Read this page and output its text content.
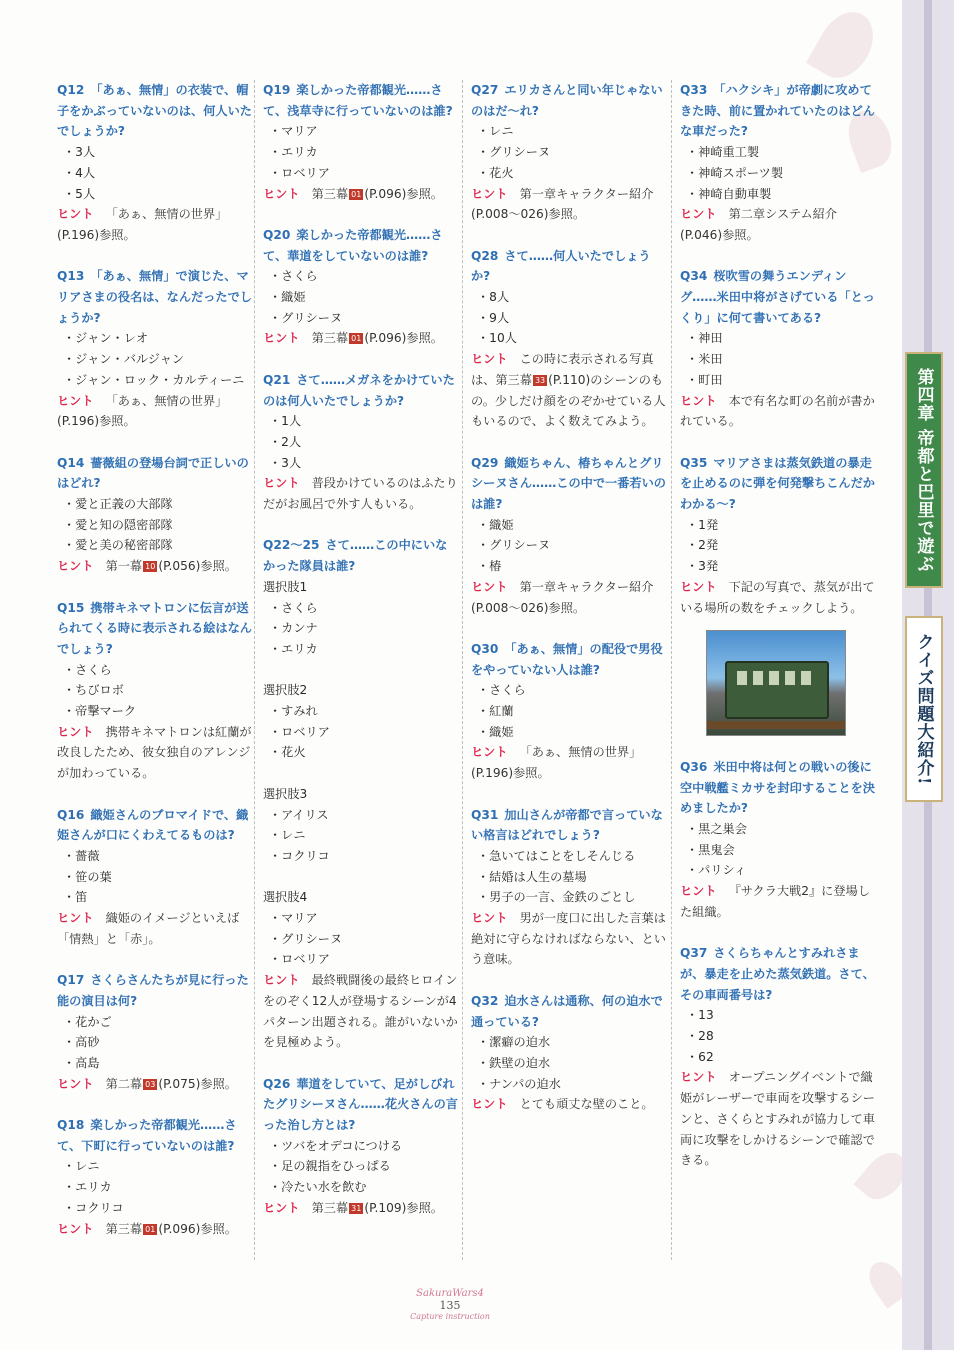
Q12 「あぁ、無情」の衣装で、帽子をかぶっていないのは、何人いたでしょうか?
・3人
・4人
・5人
ヒント 「あぁ、無情の世界」(P.196)参照。
Q13 「あぁ、無情」で演じた、マリアさまの役名は、なんだったでしょうか?
・ジャン・レオ
・ジャン・バルジャン
・ジャン・ロック・カルティーニ
ヒント 「あぁ、無情の世界」(P.196)参照。
Q14 薔薇組の登場台詞で正しいのはどれ?
・愛と正義の大部隊
・愛と知の隠密部隊
・愛と美の秘密部隊
ヒント 第一幕 10 (P.056)参照。
Q15 携帯キネマトロンに伝言が送られてくる時に表示される絵はなんでしょう?
・さくら
・ちびロボ
・帝撃マーク
ヒント 携帯キネマトロンは紅蘭が改良したため、彼女独自のアレンジが加わっている。
Q16 織姫さんのブロマイドで、織姫さんが口にくわえてるものは?
・薔薇
・笹の葉
・笛
ヒント 織姫のイメージといえば「情熱」と「赤」。
Q17 さくらさんたちが見に行った能の演目は何?
・花かご
・高砂
・高島
ヒント 第二幕 03 (P.075)参照。
Q18 楽しかった帝都観光……さて、下町に行っていないのは誰?
・レニ
・エリカ
・コクリコ
ヒント 第三幕 01 (P.096)参照。
Q19 楽しかった帝都観光……さて、浅草寺に行っていないのは誰?
・マリア
・エリカ
・ロベリア
ヒント 第三幕 01 (P.096)参照。
Q20 楽しかった帝都観光……さて、華道をしていないのは誰?
・さくら
・織姫
・グリシーヌ
ヒント 第三幕 01 (P.096)参照。
Q21 さて……メガネをかけていたのは何人いたでしょうか?
・1人
・2人
・3人
ヒント 普段かけているのはふたりだがお風呂で外す人もいる。
Q22〜25 さて……この中にいなかった隊員は誰?
選択肢1
・さくら
・カンナ
・エリカ
選択肢2
・すみれ
・ロベリア
・花火
選択肢3
・アイリス
・レニ
・コクリコ
選択肢4
・マリア
・グリシーヌ
・ロベリア
ヒント 最終戦闘後の最終ヒロインをのぞく12人が登場するシーンが4パターン出題される。誰がいないかを見極めよう。
Q26 華道をしていて、足がしびれたグリシーヌさん……花火さんの言った治し方とは?
・ツバをオデコにつける
・足の親指をひっぱる
・冷たい水を飲む
ヒント 第三幕 31 (P.109)参照。
Q27 エリカさんと同い年じゃないのはだ〜れ?
・レニ
・グリシーヌ
・花火
ヒント 第一章キャラクター紹介(P.008〜026)参照。
Q28 さて……何人いたでしょうか?
・8人
・9人
・10人
ヒント この時に表示される写真は、第三幕 33 (P.110)のシーンのもの。少しだけ顔をのぞかせている人もいるので、よく数えてみよう。
Q29 織姫ちゃん、椿ちゃんとグリシーヌさん……この中で一番若いのは誰?
・織姫
・グリシーヌ
・椿
ヒント 第一章キャラクター紹介(P.008〜026)参照。
Q30 「あぁ、無情」の配役で男役をやっていない人は誰?
・さくら
・紅蘭
・織姫
ヒント 「あぁ、無情の世界」(P.196)参照。
Q31 加山さんが帝都で言っていない格言はどれでしょう?
・急いてはことをしそんじる
・結婚は人生の墓場
・男子の一言、金鉄のごとし
ヒント 男が一度口に出した言葉は絶対に守らなければならない、という意味。
Q32 迫水さんは通称、何の迫水で通っている?
・潔癖の迫水
・鉄壁の迫水
・ナンパの迫水
ヒント とても頑丈な壁のこと。
Q33 「ハクシキ」が帝劇に攻めてきた時、前に置かれていたのはどんな車だった?
・神崎重工製
・神崎スポーツ製
・神崎自動車製
ヒント 第二章システム紹介(P.046)参照。
Q34 桜吹雪の舞うエンディング……米田中将がさげている「とっくり」に何て書いてある?
・神田
・米田
・町田
ヒント 本で有名な町の名前が書かれている。
Q35 マリアさまは蒸気鉄道の暴走を止めるのに弾を何発撃ちこんだかわかる〜?
・1発
・2発
・3発
ヒント 下記の写真で、蒸気が出ている場所の数をチェックしよう。
Q36 米田中将は何との戦いの後に空中戦艦ミカサを封印することを決めましたか?
・黒之巣会
・黒鬼会
・パリシィ
ヒント 『サクラ大戦2』に登場した組織。
Q37 さくらちゃんとすみれさまが、暴走を止めた蒸気鉄道。さて、その車両番号は?
・13
・28
・62
ヒント オープニングイベントで織姫がレーザーで車両を攻撃するシーンと、さくらとすみれが協力して車両に攻撃をしかけるシーンで確認できる。
第四章 帝都と巴里で遊ぶ
クイズ問題大紹介!
SakuraWars4
135
Capture instruction
